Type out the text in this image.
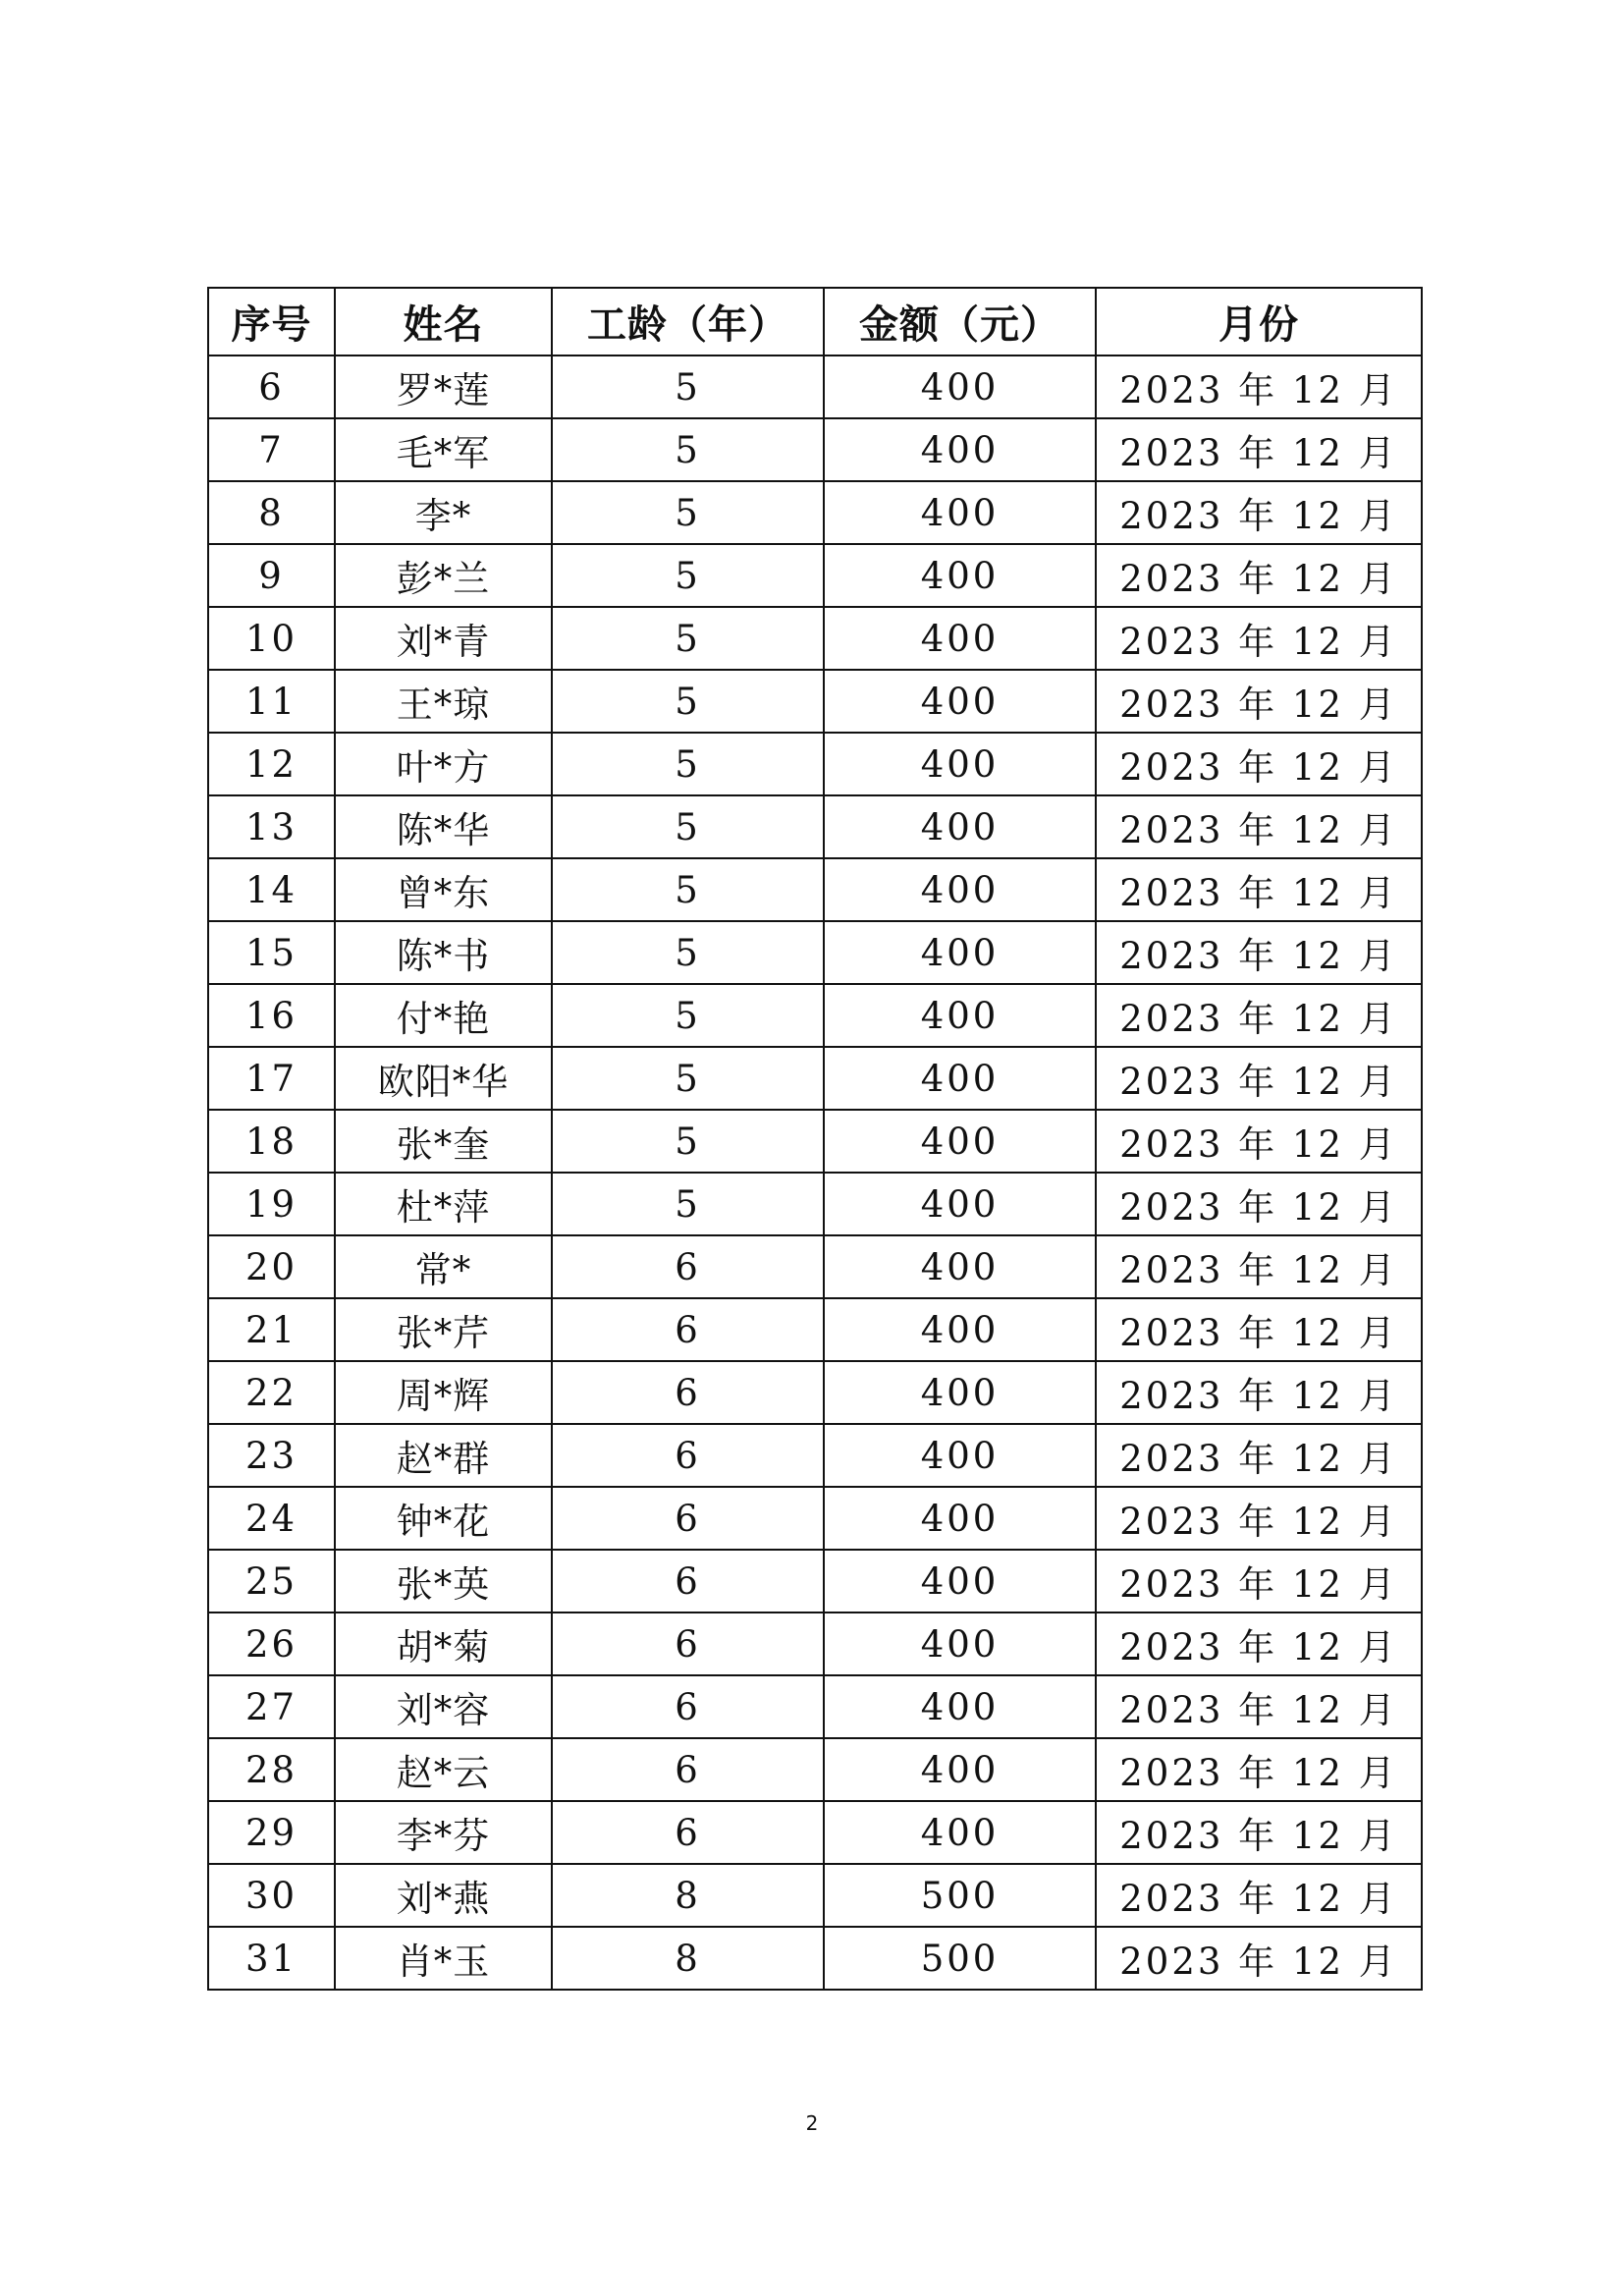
序号	姓名	工龄（年）	金额（元）	月份
6	罗*莲	5	400	2023 年 12 月
7	毛*军	5	400	2023 年 12 月
8	李*	5	400	2023 年 12 月
9	彭*兰	5	400	2023 年 12 月
10	刘*青	5	400	2023 年 12 月
11	王*琼	5	400	2023 年 12 月
12	叶*方	5	400	2023 年 12 月
13	陈*华	5	400	2023 年 12 月
14	曾*东	5	400	2023 年 12 月
15	陈*书	5	400	2023 年 12 月
16	付*艳	5	400	2023 年 12 月
17	欧阳*华	5	400	2023 年 12 月
18	张*奎	5	400	2023 年 12 月
19	杜*萍	5	400	2023 年 12 月
20	常*	6	400	2023 年 12 月
21	张*芹	6	400	2023 年 12 月
22	周*辉	6	400	2023 年 12 月
23	赵*群	6	400	2023 年 12 月
24	钟*花	6	400	2023 年 12 月
25	张*英	6	400	2023 年 12 月
26	胡*菊	6	400	2023 年 12 月
27	刘*容	6	400	2023 年 12 月
28	赵*云	6	400	2023 年 12 月
29	李*芬	6	400	2023 年 12 月
30	刘*燕	8	500	2023 年 12 月
31	肖*玉	8	500	2023 年 12 月
2
